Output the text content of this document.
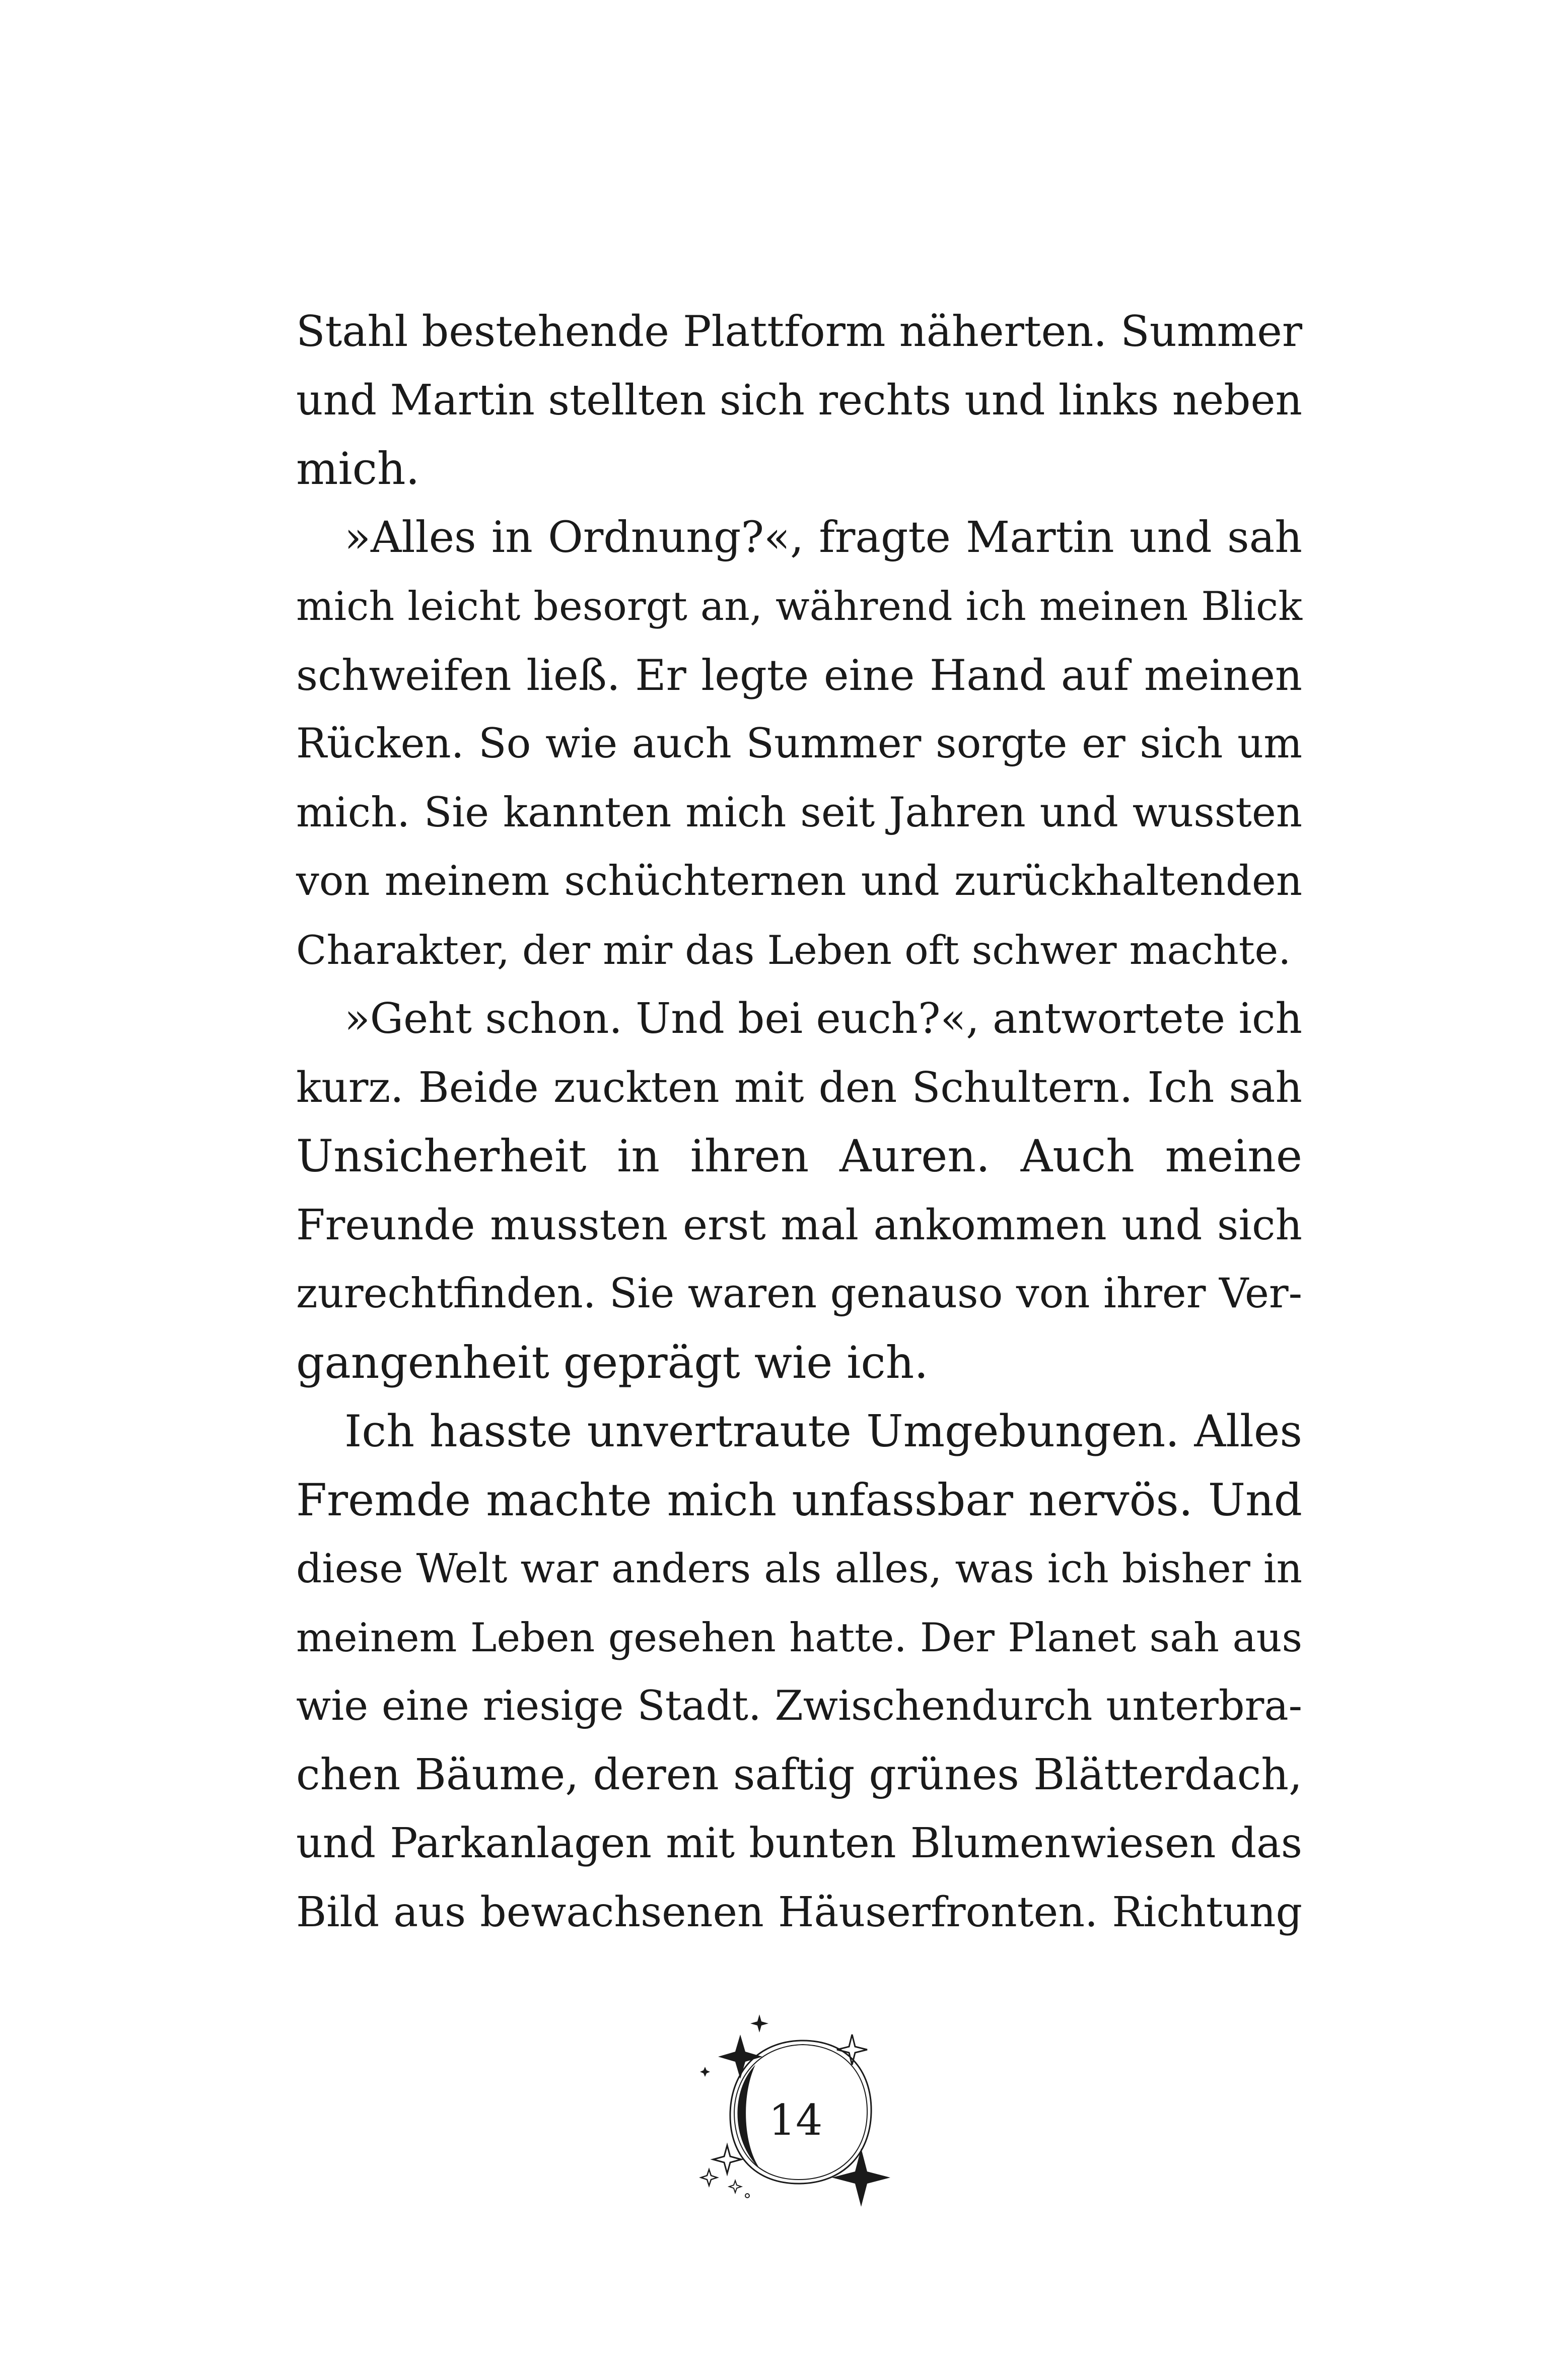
Stahl bestehende Plattform näherten. Summer
und Martin stellten sich rechts und links neben
mich.
»Alles in Ordnung?«, fragte Martin und sah
mich leicht besorgt an, während ich meinen Blick
schweifen ließ. Er legte eine Hand auf meinen
Rücken. So wie auch Summer sorgte er sich um
mich. Sie kannten mich seit Jahren und wussten
von meinem schüchternen und zurückhaltenden
Charakter, der mir das Leben oft schwer machte.
»Geht schon. Und bei euch?«, antwortete ich
kurz. Beide zuckten mit den Schultern. Ich sah
Unsicherheit in ihren Auren. Auch meine
Freunde mussten erst mal ankommen und sich
zurechtfinden. Sie waren genauso von ihrer Ver-
gangenheit geprägt wie ich.
Ich hasste unvertraute Umgebungen. Alles
Fremde machte mich unfassbar nervös. Und
diese Welt war anders als alles, was ich bisher in
meinem Leben gesehen hatte. Der Planet sah aus
wie eine riesige Stadt. Zwischendurch unterbra-
chen Bäume, deren saftig grünes Blätterdach,
und Parkanlagen mit bunten Blumenwiesen das
Bild aus bewachsenen Häuserfronten. Richtung
14
